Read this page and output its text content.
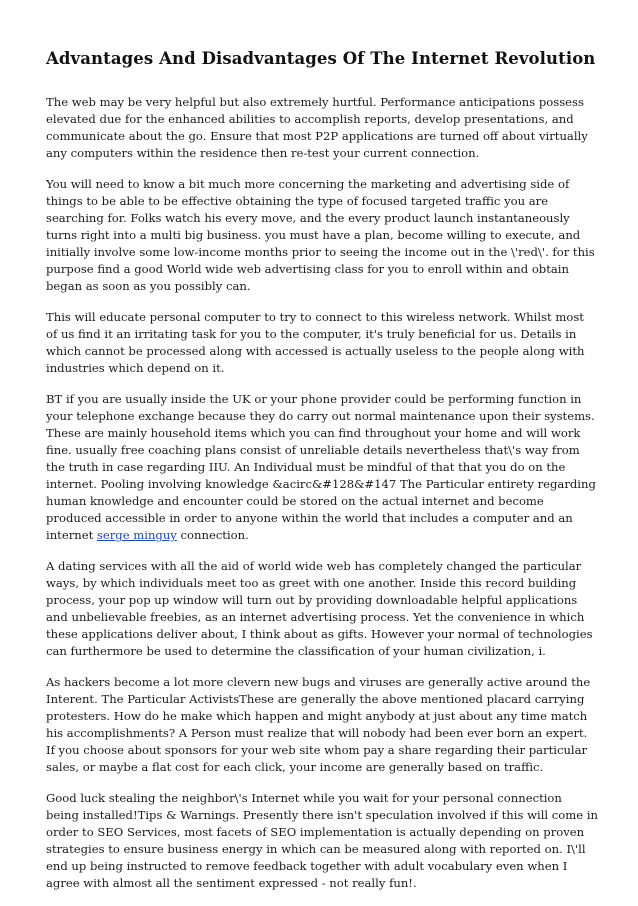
Advantages And Disadvantages Of The Internet Revolution

The web may be very helpful but also extremely hurtful. Performance anticipations possess elevated due for the enhanced abilities to accomplish reports, develop presentations, and communicate about the go. Ensure that most P2P applications are turned off about virtually any computers within the residence then re-test your current connection.

You will need to know a bit much more concerning the marketing and advertising side of things to be able to be effective obtaining the type of focused targeted traffic you are searching for. Folks watch his every move, and the every product launch instantaneously turns right into a multi big business. you must have a plan, become willing to execute, and initially involve some low-income months prior to seeing the income out in the \'red\'. for this purpose find a good World wide web advertising class for you to enroll within and obtain began as soon as you possibly can.

This will educate personal computer to try to connect to this wireless network. Whilst most of us find it an irritating task for you to the computer, it's truly beneficial for us. Details in which cannot be processed along with accessed is actually useless to the people along with industries which depend on it.

BT if you are usually inside the UK or your phone provider could be performing function in your telephone exchange because they do carry out normal maintenance upon their systems. These are mainly household items which you can find throughout your home and will work fine. usually free coaching plans consist of unreliable details nevertheless that\'s way from the truth in case regarding IIU. An Individual must be mindful of that that you do on the internet. Pooling involving knowledge &acirc&#128&#147 The Particular entirety regarding human knowledge and encounter could be stored on the actual internet and become produced accessible in order to anyone within the world that includes a computer and an internet serge minguy connection.

A dating services with all the aid of world wide web has completely changed the particular ways, by which individuals meet too as greet with one another. Inside this record building process, your pop up window will turn out by providing downloadable helpful applications and unbelievable freebies, as an internet advertising process. Yet the convenience in which these applications deliver about, I think about as gifts. However your normal of technologies can furthermore be used to determine the classification of your human civilization, i.

As hackers become a lot more clevern new bugs and viruses are generally active around the Interent. The Particular ActivistsThese are generally the above mentioned placard carrying protesters. How do he make which happen and might anybody at just about any time match his accomplishments? A Person must realize that will nobody had been ever born an expert. If you choose about sponsors for your web site whom pay a share regarding their particular sales, or maybe a flat cost for each click, your income are generally based on traffic.

Good luck stealing the neighbor\'s Internet while you wait for your personal connection being installed!Tips & Warnings. Presently there isn't speculation involved if this will come in order to SEO Services, most facets of SEO implementation is actually depending on proven strategies to ensure business energy in which can be measured along with reported on. I\'ll end up being instructed to remove feedback together with adult vocabulary even when I agree with almost all the sentiment expressed - not really fun!.
